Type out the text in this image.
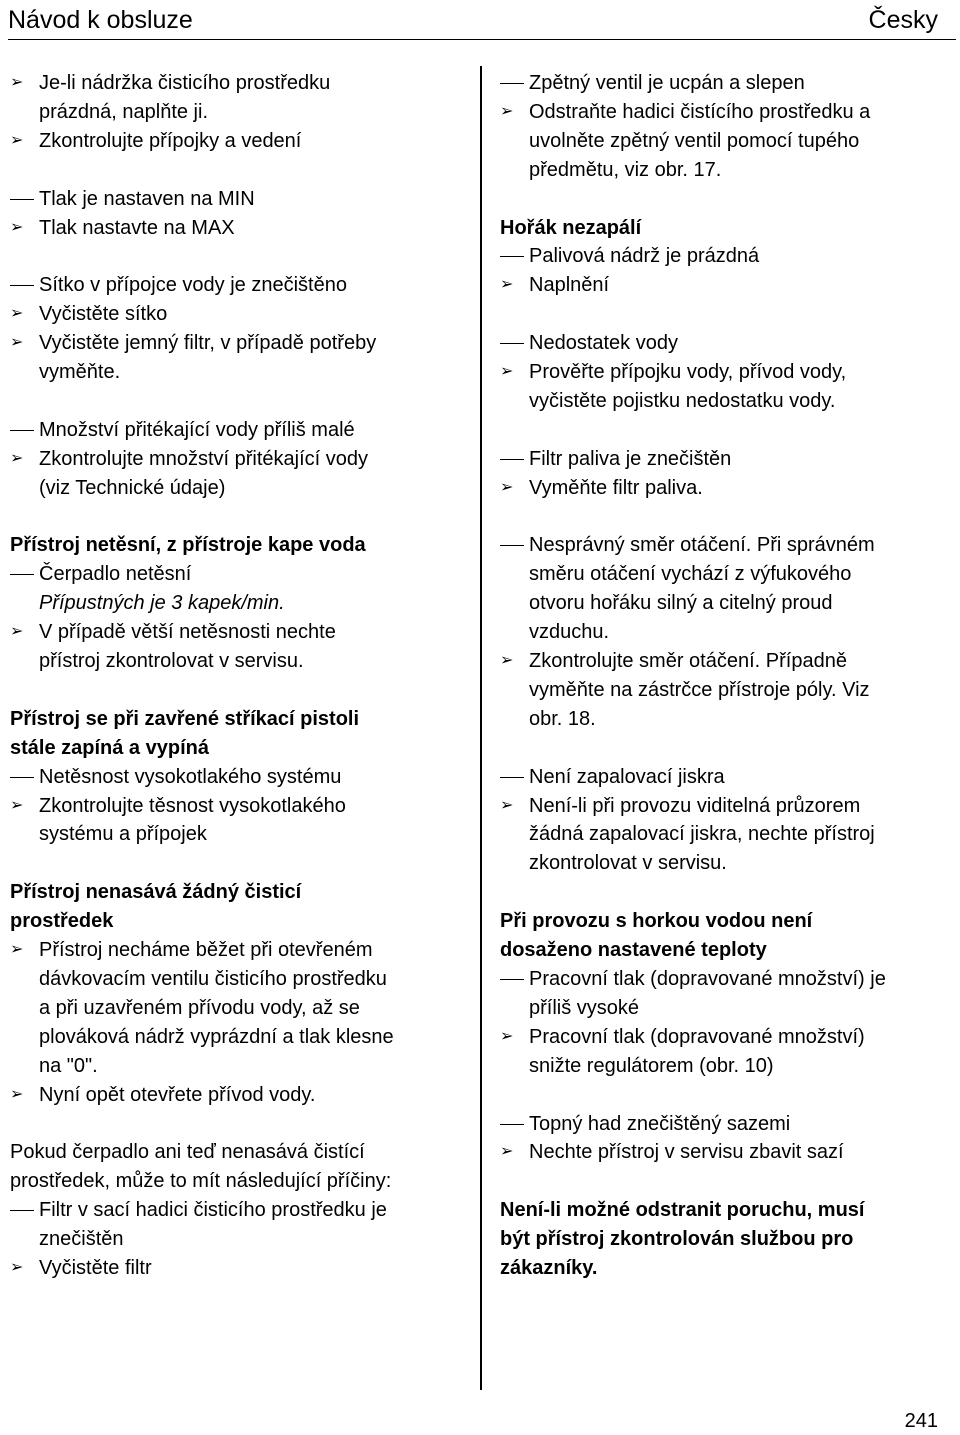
Návod k obsluze	Česky
➢ Je-li nádržka čisticího prostředku
prázdná, naplňte ji.
➢ Zkontrolujte přípojky a vedení
Tlak je nastaven na MIN
➢ Tlak nastavte na MAX
Sítko v přípojce vody je znečištěno
➢ Vyčistěte sítko
➢ Vyčistěte jemný filtr, v případě potřeby
vyměňte.
Množství přitékající vody příliš malé
➢ Zkontrolujte množství přitékající vody
(viz Technické údaje)
Přístroj netěsní, z přístroje kape voda
Čerpadlo netěsní
Přípustných je 3 kapek/min.
➢ V případě větší netěsnosti nechte
přístroj zkontrolovat v servisu.
Přístroj se při zavřené stříkací pistoli
stále zapíná a vypíná
Netěsnost vysokotlakého systému
➢ Zkontrolujte těsnost vysokotlakého
systému a přípojek
Přístroj nenasává žádný čisticí
prostředek
➢ Přístroj necháme běžet při otevřeném
dávkovacím ventilu čisticího prostředku
a při uzavřeném přívodu vody, až se
plováková nádrž vyprázdní a tlak klesne
na "0".
➢ Nyní opět otevřete přívod vody.
Pokud čerpadlo ani teď nenasává čistící
prostředek, může to mít následující příčiny:
Filtr v sací hadici čisticího prostředku je
znečištěn
➢ Vyčistěte filtr
Zpětný ventil je ucpán a slepen
➢ Odstraňte hadici čistícího prostředku a
uvolněte zpětný ventil pomocí tupého
předmětu, viz obr. 17.
Hořák nezapálí
Palivová nádrž je prázdná
➢ Naplnění
Nedostatek vody
➢ Prověřte přípojku vody, přívod vody,
vyčistěte pojistku nedostatku vody.
Filtr paliva je znečištěn
➢ Vyměňte filtr paliva.
Nesprávný směr otáčení. Při správném
směru otáčení vychází z výfukového
otvoru hořáku silný a citelný proud
vzduchu.
➢ Zkontrolujte směr otáčení. Případně
vyměňte na zástrčce přístroje póly. Viz
obr. 18.
Není zapalovací jiskra
➢ Není-li při provozu viditelná průzorem
žádná zapalovací jiskra, nechte přístroj
zkontrolovat v servisu.
Při provozu s horkou vodou není
dosaženo nastavené teploty
Pracovní tlak (dopravované množství) je
příliš vysoké
➢ Pracovní tlak (dopravované množství)
snižte regulátorem (obr. 10)
Topný had znečištěný sazemi
➢ Nechte přístroj v servisu zbavit sazí
Není-li možné odstranit poruchu, musí
být přístroj zkontrolován službou pro
zákazníky.
241
